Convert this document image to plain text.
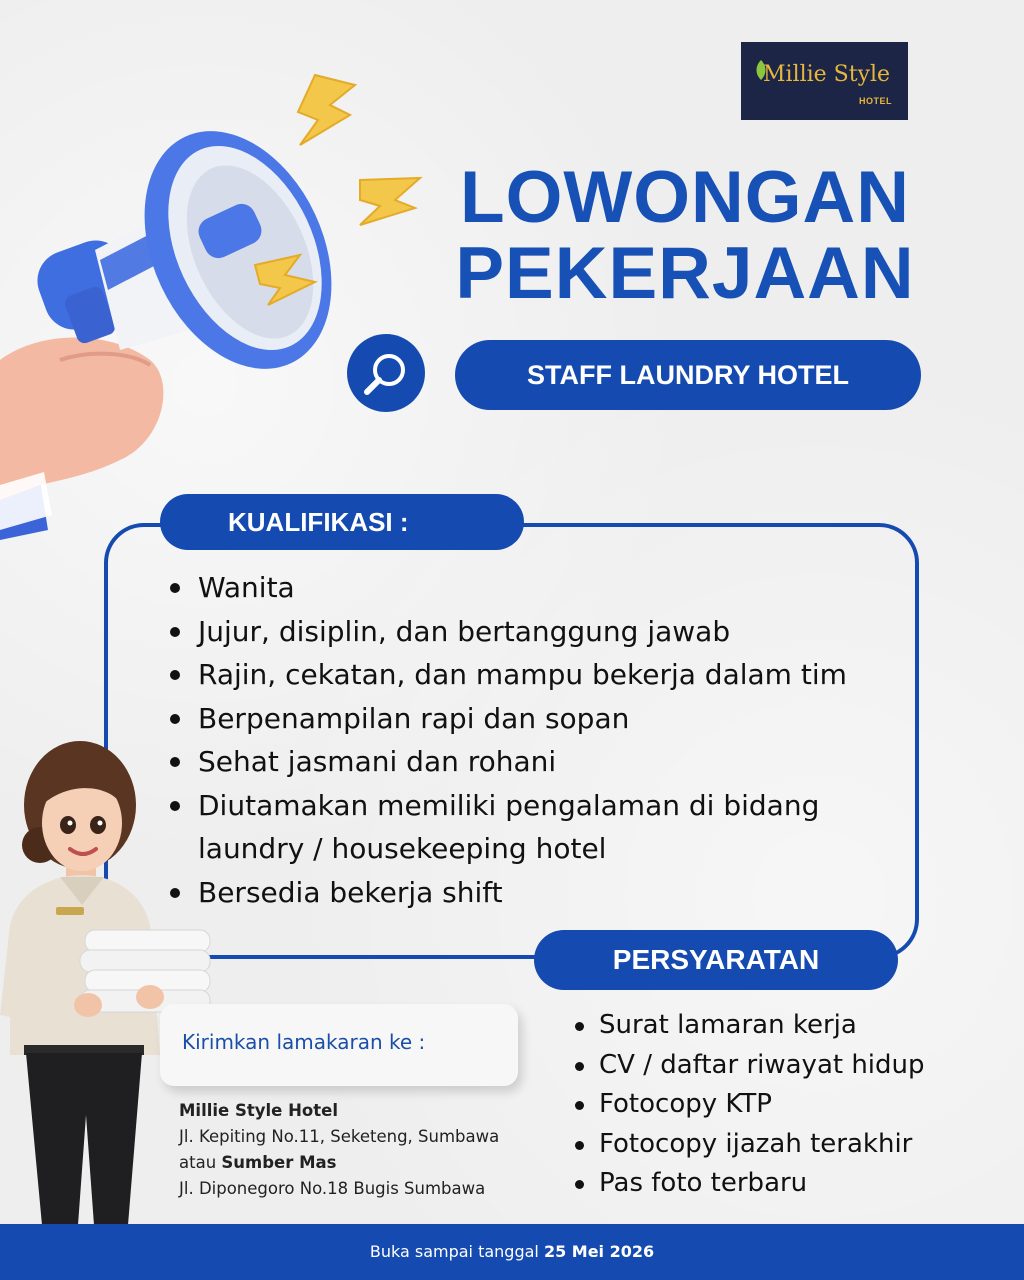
Millie Style
HOTEL
LOWONGAN
PEKERJAAN
STAFF LAUNDRY HOTEL
KUALIFIKASI :
Wanita
Jujur, disiplin, dan bertanggung jawab
Rajin, cekatan, dan mampu bekerja dalam tim
Berpenampilan rapi dan sopan
Sehat jasmani dan rohani
Diutamakan memiliki pengalaman di bidang laundry / housekeeping hotel
Bersedia bekerja shift
PERSYARATAN
Surat lamaran kerja
CV / daftar riwayat hidup
Fotocopy KTP
Fotocopy ijazah terakhir
Pas foto terbaru
Kirimkan lamakaran ke :
Millie Style Hotel
Jl. Kepiting No.11, Seketeng, Sumbawa
atau Sumber Mas
Jl. Diponegoro No.18 Bugis Sumbawa
Buka sampai tanggal 25 Mei 2026
